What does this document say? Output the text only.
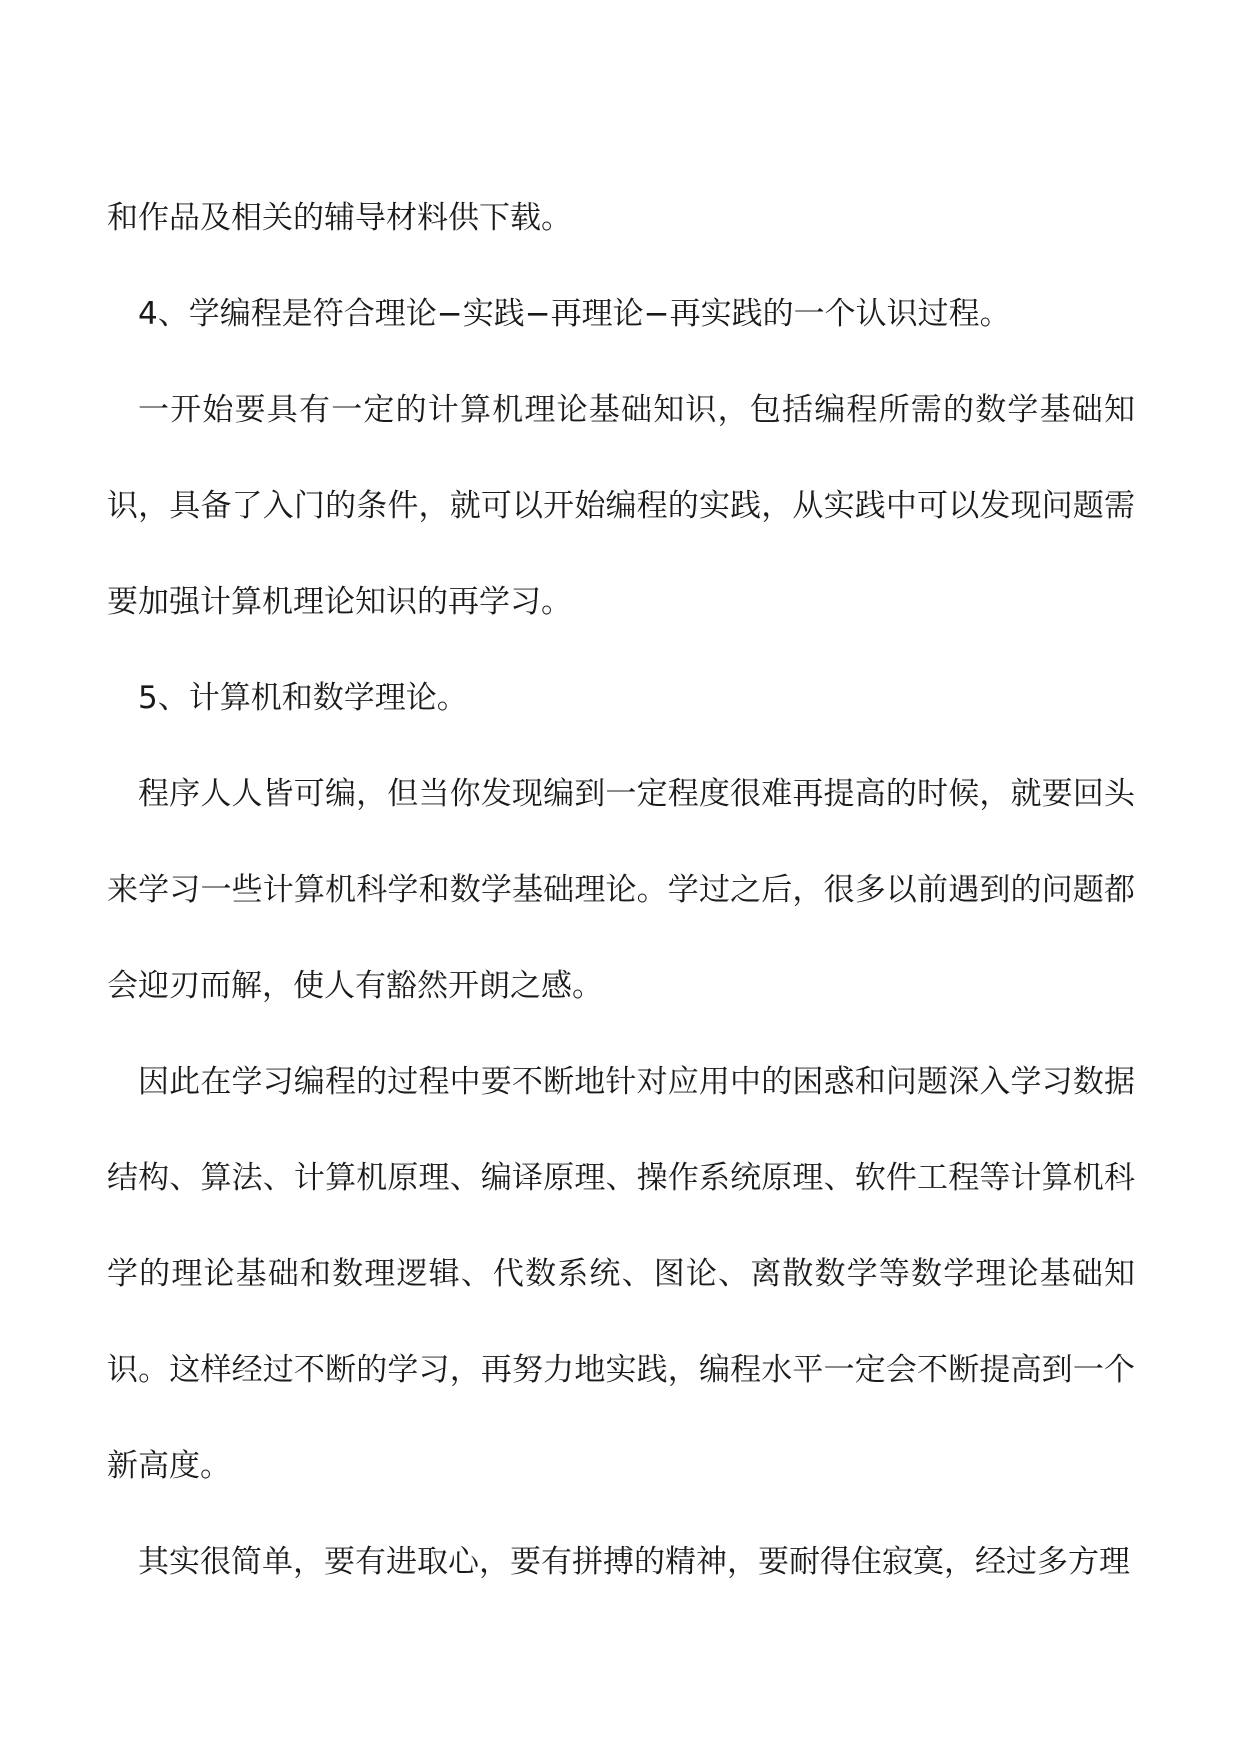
和作品及相关的辅导材料供下载。

4、学编程是符合理论−实践−再理论−再实践的一个认识过程。

一开始要具有一定的计算机理论基础知识，包括编程所需的数学基础知识，具备了入门的条件，就可以开始编程的实践，从实践中可以发现问题需要加强计算机理论知识的再学习。

5、计算机和数学理论。

程序人人皆可编，但当你发现编到一定程度很难再提高的时候，就要回头来学习一些计算机科学和数学基础理论。学过之后，很多以前遇到的问题都会迎刃而解，使人有豁然开朗之感。

因此在学习编程的过程中要不断地针对应用中的困惑和问题深入学习数据结构、算法、计算机原理、编译原理、操作系统原理、软件工程等计算机科学的理论基础和数理逻辑、代数系统、图论、离散数学等数学理论基础知识。这样经过不断的学习，再努力地实践，编程水平一定会不断提高到一个新高度。

其实很简单，要有进取心，要有拼搏的精神，要耐得住寂寞，经过多方理
